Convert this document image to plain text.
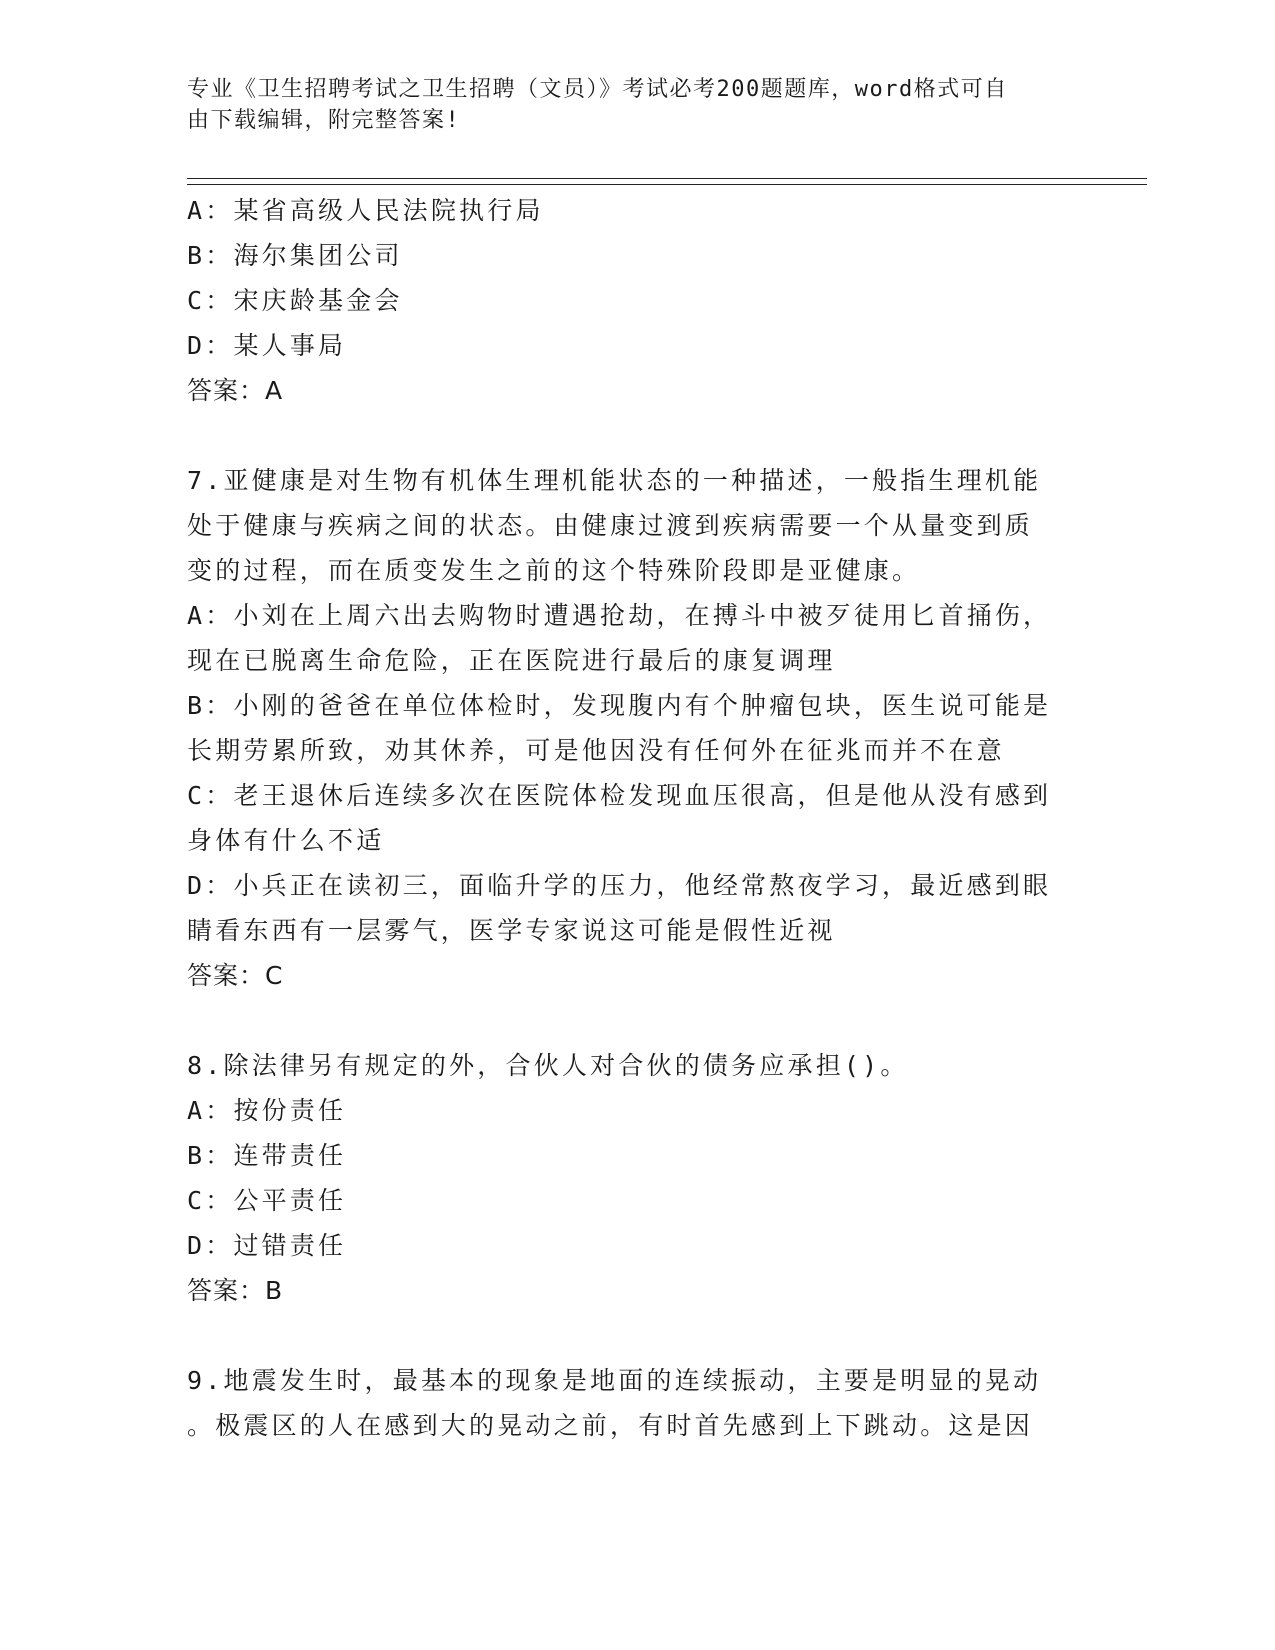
专业《卫生招聘考试之卫生招聘（文员）》考试必考200题题库，word格式可自
由下载编辑，附完整答案!
A：某省高级人民法院执行局
B：海尔集团公司
C：宋庆龄基金会
D：某人事局
答案：A
7.亚健康是对生物有机体生理机能状态的一种描述，一般指生理机能
处于健康与疾病之间的状态。由健康过渡到疾病需要一个从量变到质
变的过程，而在质变发生之前的这个特殊阶段即是亚健康。
A：小刘在上周六出去购物时遭遇抢劫，在搏斗中被歹徒用匕首捅伤，
现在已脱离生命危险，正在医院进行最后的康复调理
B：小刚的爸爸在单位体检时，发现腹内有个肿瘤包块，医生说可能是
长期劳累所致，劝其休养，可是他因没有任何外在征兆而并不在意
C：老王退休后连续多次在医院体检发现血压很高，但是他从没有感到
身体有什么不适
D：小兵正在读初三，面临升学的压力，他经常熬夜学习，最近感到眼
睛看东西有一层雾气，医学专家说这可能是假性近视
答案：C
8.除法律另有规定的外，合伙人对合伙的债务应承担()。
A：按份责任
B：连带责任
C：公平责任
D：过错责任
答案：B
9.地震发生时，最基本的现象是地面的连续振动，主要是明显的晃动
。极震区的人在感到大的晃动之前，有时首先感到上下跳动。这是因
